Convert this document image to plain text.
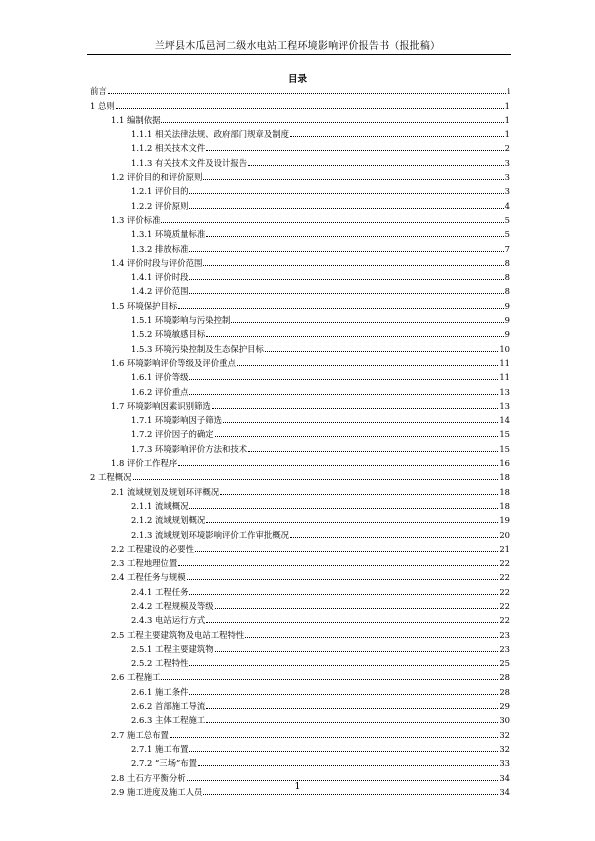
兰坪县木瓜邑河二级水电站工程环境影响评价报告书（报批稿）
目录
前言	i
1 总则	1
1.1 编制依据	1
1.1.1 相关法律法规、政府部门规章及制度	1
1.1.2 相关技术文件	2
1.1.3 有关技术文件及设计报告	3
1.2 评价目的和评价原则	3
1.2.1 评价目的	3
1.2.2 评价原则	4
1.3 评价标准	5
1.3.1 环境质量标准	5
1.3.2 排放标准	7
1.4 评价时段与评价范围	8
1.4.1 评价时段	8
1.4.2 评价范围	8
1.5 环境保护目标	9
1.5.1 环境影响与污染控制	9
1.5.2 环境敏感目标	9
1.5.3 环境污染控制及生态保护目标	10
1.6 环境影响评价等级及评价重点	11
1.6.1 评价等级	11
1.6.2 评价重点	13
1.7 环境影响因素识别筛选	13
1.7.1 环境影响因子筛选	14
1.7.2 评价因子的确定	15
1.7.3 环境影响评价方法和技术	15
1.8 评价工作程序	16
2 工程概况	18
2.1 流域规划及规划环评概况	18
2.1.1 流域概况	18
2.1.2 流域规划概况	19
2.1.3 流域规划环境影响评价工作审批概况	20
2.2 工程建设的必要性	21
2.3 工程地理位置	22
2.4 工程任务与规模	22
2.4.1 工程任务	22
2.4.2 工程规模及等级	22
2.4.3 电站运行方式	22
2.5 工程主要建筑物及电站工程特性	23
2.5.1 工程主要建筑物	23
2.5.2 工程特性	25
2.6 工程施工	28
2.6.1 施工条件	28
2.6.2 首部施工导流	29
2.6.3 主体工程施工	30
2.7 施工总布置	32
2.7.1 施工布置	32
2.7.2 “三场”布置	33
2.8 土石方平衡分析	34
2.9 施工进度及施工人员	34
1
